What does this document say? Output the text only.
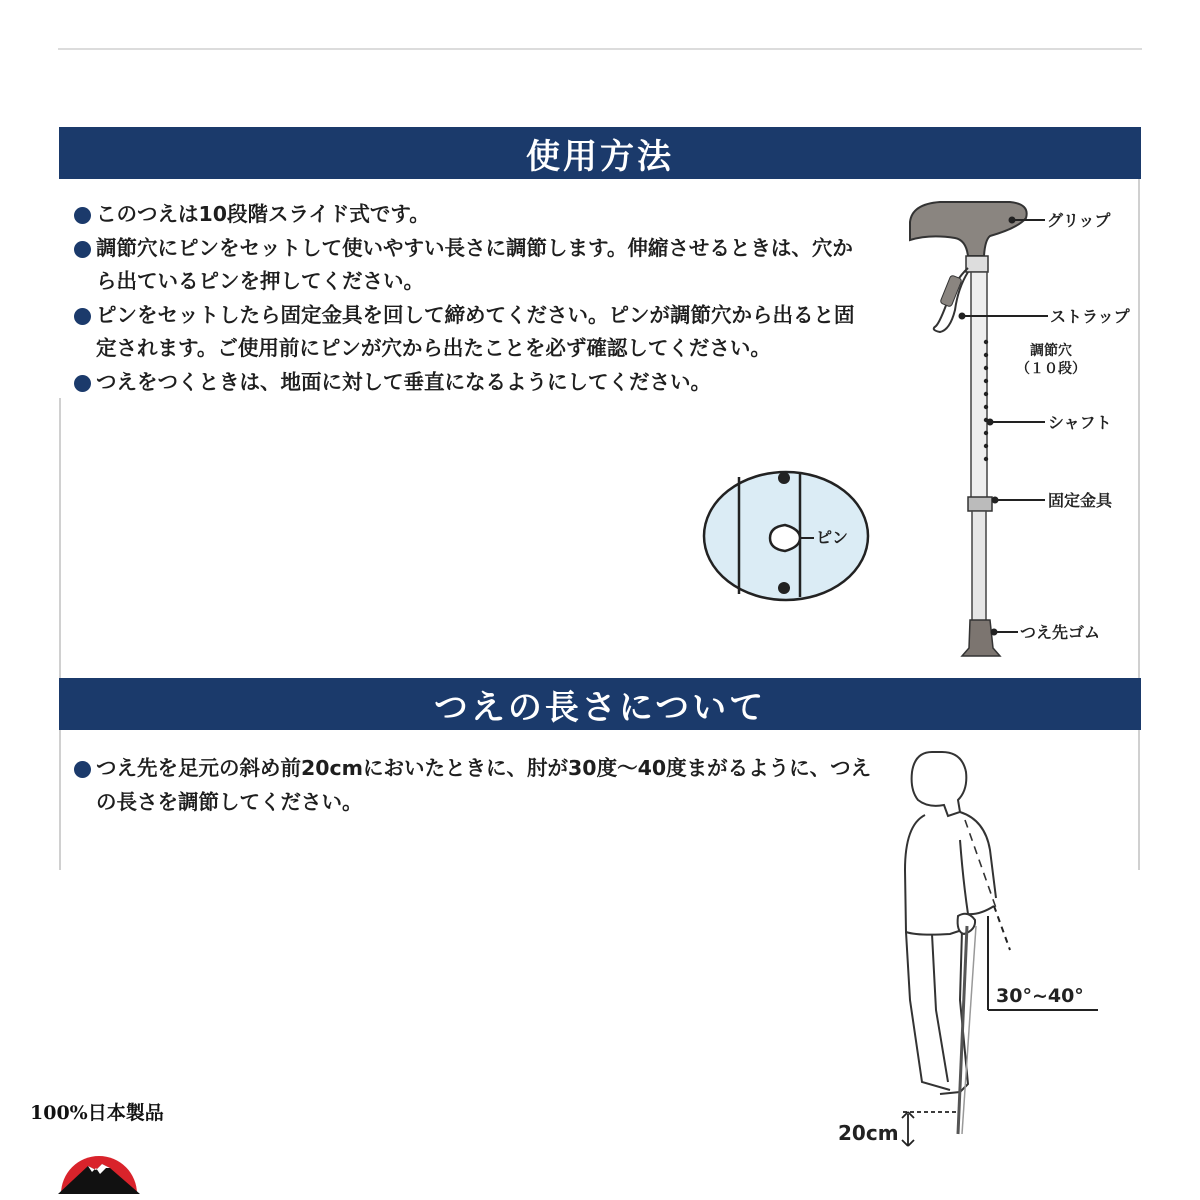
使用方法
このつえは10段階スライド式です。
調節穴にピンをセットして使いやすい長さに調節します。伸縮させるときは、穴から出ているピンを押してください。
ピンをセットしたら固定金具を回して締めてください。ピンが調節穴から出ると固定されます。ご使用前にピンが穴から出たことを必ず確認してください。
つえをつくときは、地面に対して垂直になるようにしてください。
つえの長さについて
つえ先を足元の斜め前20cmにおいたときに、肘が30度～40度まがるように、つえの長さを調節してください。
グリップ
ストラップ
調節穴
（１０段）
シャフト
固定金具
つえ先ゴム
ピン
30°~40°
20cm
100%日本製品
